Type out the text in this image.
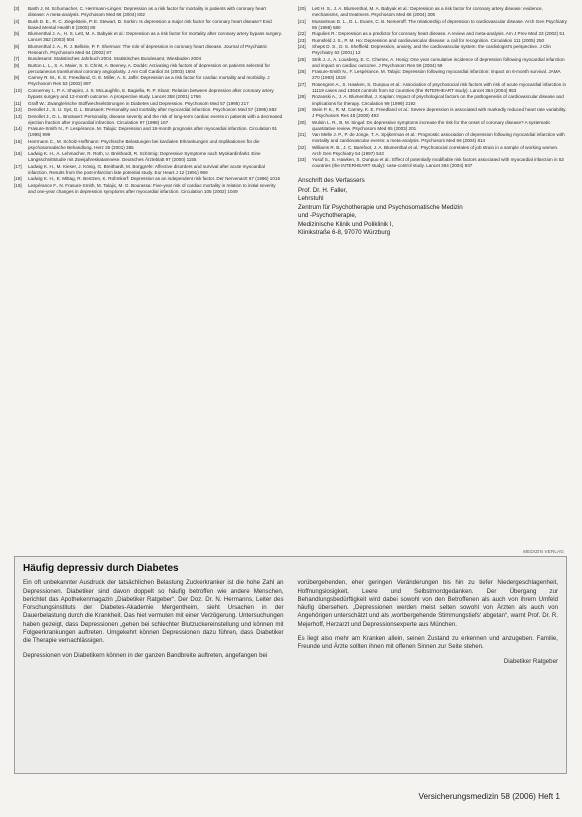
[3]	Barth J, M. Schumacher, C. Herrmann-Lingen: Depression as a risk factor for mortality in patients with coronary heart disease: A meta-analysis. Psychosom Med 66 (2004) 802
[4]	Bush D. E., R. C. Ziegelstein, P. E. Stewart, D. Sorkin: Is depression a major risk factor for coronary heart disease? Evid Based Mental Health 8 (2005) 85
[5]	Blumenthal J. A., H. S. Lett, M. A. Babyak et al.: Depression as a risk factor for mortality after coronary artery bypass surgery. Lancet 362 (2003) 604
[6]	Blumenthal J. A., R. J. Bellisle, P. F. Sherman: The role of depression in coronary heart disease. Journal of Psychiatric Research. Psychosom Med 64 (2002) 87
[7]	Bundesamt: Statistisches Jahrbuch 2004. Statistisches Bundesamt, Wiesbaden 2004
[8]	Burton L. L., S. A. Maier, S. S. Christ, A. Beeney, A. Dodds: Activating risk factors of depression on patients selected for percutaneous transluminal coronary angioplasty. J Am Coll Cardiol 34 (2003) 1604
[9]	Carney R. M., K. E. Freedland, G. E. Miller, A. S. Jaffe: Depression as a risk factor for cardiac mortality and morbidity. J Psychosom Res 53 (2002) 897
[10]	Connerney I., P. A. Shapiro, J. S. McLaughlin, E. Bagiella, R. P. Sloan: Relation between depression after coronary artery bypass surgery and 12-month outcome. A prospective study. Lancet 358 (2001) 1766
[11]	Graff W.: Zwanglerische Stoffwechselstörungen in Diabetes und Depression. Psychosom Med 57 (1995) 217
[12]	Denollet J., S. U. Sys, D. L. Brutsaert: Personality and mortality after myocardial infarction. Psychosom Med 57 (1995) 582
[13]	Denollet J., D. L. Brutsaert: Personality, disease severity and the risk of long-term cardiac events in patients with a decreased ejection fraction after myocardial infarction. Circulation 97 (1998) 167
[14]	Frasure-Smith N., F. Lespérance, M. Talajic: Depression and 18-month prognosis after myocardial infarction. Circulation 91 (1995) 999
[15]	Herrmann C., M. Scholz-Hoffmann: Psychische Belastungen bei kardialen Erkrankungen und Implikationen für die psychosomatische Behandlung. Herz 26 (2001) 385
[16]	Ladwig K. H., A. Lehmacher, R. Roth, U. Breithardt, R. Schömig: Depressive Symptome nach Myokardinfarkt. Eine Längsschnittstudie mit Zweijahreskatamnese. Deutsches Ärzteblatt 97 (2000) 1155
[17]	Ladwig K. H., M. Kieser, J. König, G. Breithardt, M. Borggrefe: Affective disorders and survival after acute myocardial infarction. Results from the post-infarction late potential study. Eur Heart J 12 (1991) 959
[18]	Ladwig K. H., E. Mittag, R. Bentzen, K. Rühmkorf: Depression as an independent risk factor. Der Nervenarzt 67 (1996) 1015
[19]	Lespérance F., N. Frasure-Smith, M. Talajic, M. G. Bourassa: Five-year risk of cardiac mortality in relation to initial severity and one-year changes in depression symptoms after myocardial infarction. Circulation 105 (2002) 1049
[20]	Lett H. S., J. A. Blumenthal, M. A. Babyak et al.: Depression as a risk factor for coronary artery disease: evidence, mechanisms, and treatment. Psychosom Med 66 (2004) 305
[21]	Musselman D. L., D. L. Evans, C. B. Nemeroff: The relationship of depression to cardiovascular disease. Arch Gen Psychiatry 55 (1998) 580
[22]	Rugulies R.: Depression as a predictor for coronary heart disease. A review and meta-analysis. Am J Prev Med 23 (2002) 51
[23]	Rumsfeld J. S., P. M. Ho: Depression and cardiovascular disease: a call for recognition. Circulation 111 (2005) 250
[24]	Sheps D. S., D. S. Sheffield: Depression, anxiety, and the cardiovascular system: the cardiologist's perspective. J Clin Psychiatry 62 (2001) 12
[25]	Strik J. J., A. Lousberg, E. C. Cheriex, A. Honig: One year cumulative incidence of depression following myocardial infarction and impact on cardiac outcome. J Psychosom Res 56 (2004) 59
[26]	Frasure-Smith N., F. Lespérance, M. Talajic: Depression following myocardial infarction: impact on 6-month survival. JAMA 270 (1993) 1819
[27]	Rosengren A., S. Hawken, S. Ounpuu et al.: Association of psychosocial risk factors with risk of acute myocardial infarction in 11119 cases and 13648 controls from 52 countries (the INTERHEART study). Lancet 364 (2004) 953
[28]	Rozanski A., J. A. Blumenthal, J. Kaplan: Impact of psychological factors on the pathogenesis of cardiovascular disease and implications for therapy. Circulation 99 (1999) 2192
[29]	Stein P. K., R. M. Carney, K. E. Freedland et al.: Severe depression is associated with markedly reduced heart rate variability. J Psychosom Res 48 (2000) 493
[30]	Wulsin L. R., B. M. Singal: Do depressive symptoms increase the risk for the onset of coronary disease? A systematic quantitative review. Psychosom Med 65 (2003) 201
[31]	Van Melle J. P., P. de Jonge, T. A. Spijkerman et al.: Prognostic association of depression following myocardial infarction with mortality and cardiovascular events: a meta-analysis. Psychosom Med 66 (2004) 814
[32]	Williams R. B., J. C. Barefoot, J. A. Blumenthal et al.: Psychosocial correlates of job strain in a sample of working women. Arch Gen Psychiatry 54 (1997) 543
[33]	Yusuf S., S. Hawken, S. Ounpuu et al.: Effect of potentially modifiable risk factors associated with myocardial infarction in 52 countries (the INTERHEART study): case-control study. Lancet 364 (2004) 937
Anschrift des Verfassers
Prof. Dr. H. Faller,
Lehrstuhl
Zentrum für Psychotherapie und Psychosomatische Medizin
und -Psychotherapie,
Medizinische Klinik und Poliklinik I,
Klinikstraße 6-8, 97070 Würzburg
MEDIZIN VERLAG
Häufig depressiv durch Diabetes

Ein oft unbekannter Ausdruck der tatsächlichen Belastung Zuckerkranker ist die hohe Zahl an Depressionen. Diabetiker sind davon doppelt so häufig betroffen wie andere Menschen, berichtet das Apothekenmagazin „Diabetiker Ratgeber“. Der Doz. Dr. N. Hermanns, Leiter des Forschungsinstituts der Diabetes-Akademie Mergentheim, sieht Ursachen in der Dauerbelastung durch die Krankheit. Das hiet vermuten mit einer Verzögerung. Untersuchungen haben gezeigt, dass Depressionen „gehen bei schlechter Blutzuckereinstellung und können mit Folgeerkrankungen auftreten. Umgekehrt können Depressionen dazu führen, dass Diabetiker die Therapie vernachlässigen.

Depressionen von Diabetikern können in der ganzen Bandbreite auftreten, angefangen bei

vorübergehenden, eher geringen Veränderungen bis hin zu tiefer Niedergeschlagenheit, Hoffnungslosigkeit, Leere und Selbstmordgedanken. Der Übergang zur Behandlungsbedürftigkeit wird dabei sowohl von den Betroffenen als auch von ihrem Umfeld häufig übersehen. „Depressionen werden meist selten sowohl von Ärzten als auch von Angehörigen unterschätzt und als ‚wortbergehende Stimmungstiefs‘ abgetan“, warnt Prof. Dr. R. Mejerhoff, Herzarzt und Depressionsexperte aus München.

Es liegt also mehr am Kranken allein, seinen Zustand zu erkennen und anzugeben. Familie, Freunde und Ärzte sollten ihnen mit offenen Sinnen zur Seite stehen.

Diabetiker Ratgeber

Versicherungsmedizin 58 (2006) Heft 1
